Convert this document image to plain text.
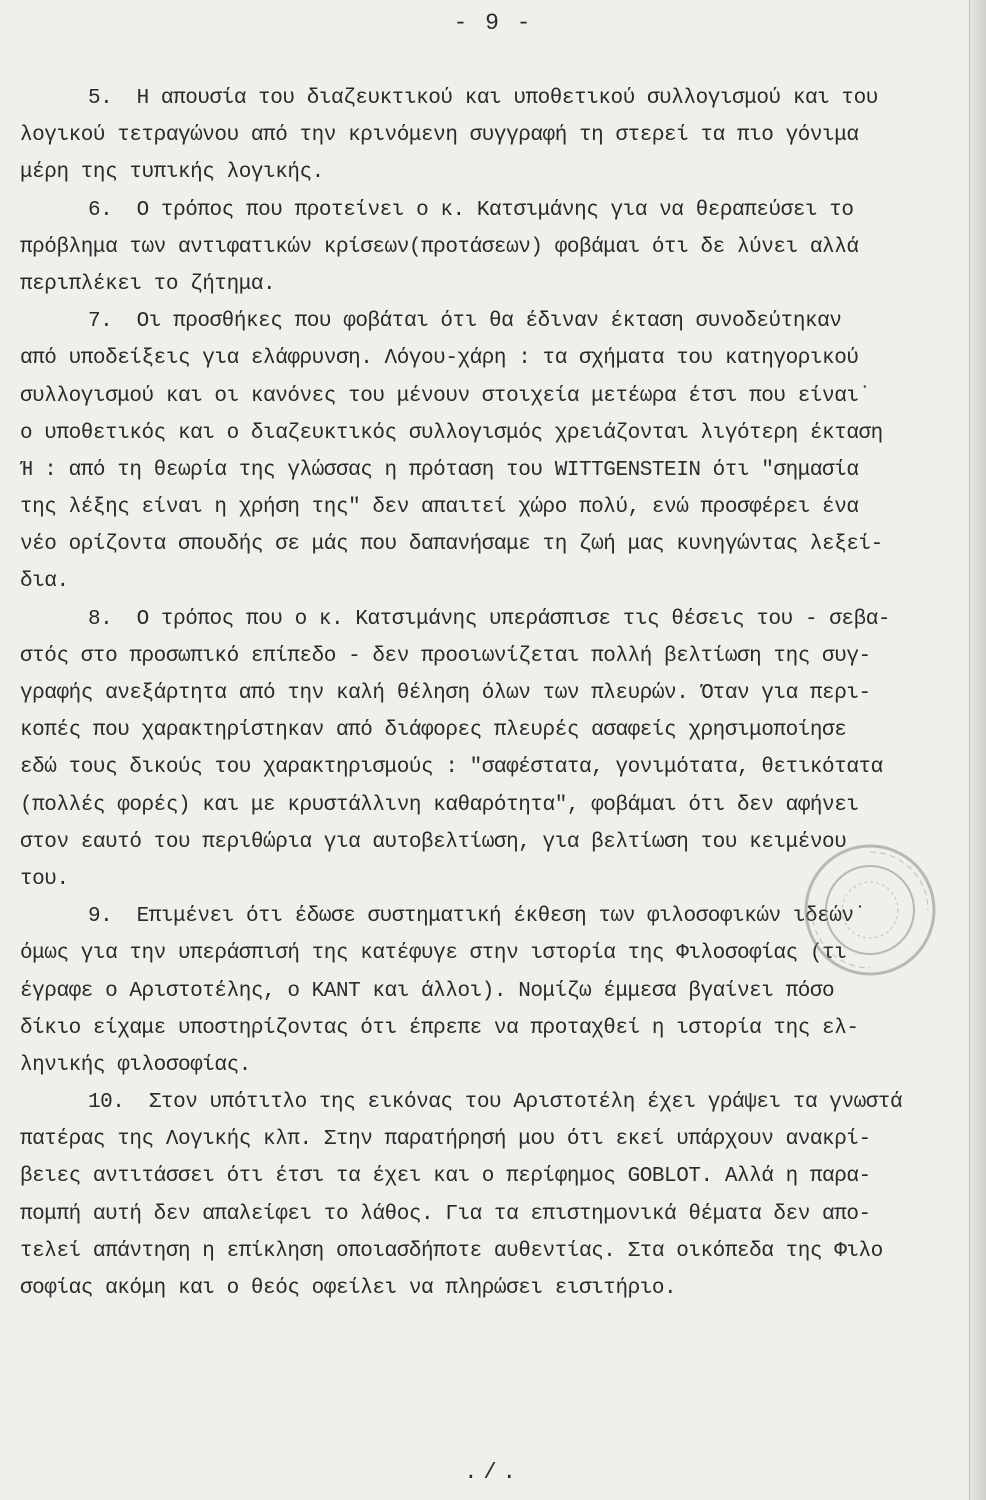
- 9 -
5.  Η απουσία του διαζευκτικού και υποθετικού συλλογισμού και του
λογικού τετραγώνου από την κρινόμενη συγγραφή τη στερεί τα πιο γόνιμα
μέρη της τυπικής λογικής.
6.  Ο τρόπος που προτείνει ο κ. Κατσιμάνης για να θεραπεύσει το
πρόβλημα των αντιφατικών κρίσεων(προτάσεων) φοβάμαι ότι δε λύνει αλλά
περιπλέκει το ζήτημα.
7.  Οι προσθήκες που φοβάται ότι θα έδιναν έκταση συνοδεύτηκαν
από υποδείξεις για ελάφρυνση. Λόγου-χάρη : τα σχήματα του κατηγορικού
συλλογισμού και οι κανόνες του μένουν στοιχεία μετέωρα έτσι που είναι˙
ο υποθετικός και ο διαζευκτικός συλλογισμός χρειάζονται λιγότερη έκταση
Ή : από τη θεωρία της γλώσσας η πρόταση του WITTGENSTEIN ότι "σημασία
της λέξης είναι η χρήση της" δεν απαιτεί χώρο πολύ, ενώ προσφέρει ένα
νέο ορίζοντα σπουδής σε μάς που δαπανήσαμε τη ζωή μας κυνηγώντας λεξεί-
δια.
8.  Ο τρόπος που ο κ. Κατσιμάνης υπεράσπισε τις θέσεις του - σεβα-
στός στο προσωπικό επίπεδο - δεν προοιωνίζεται πολλή βελτίωση της συγ-
γραφής ανεξάρτητα από την καλή θέληση όλων των πλευρών. Όταν για περι-
κοπές που χαρακτηρίστηκαν από διάφορες πλευρές ασαφείς χρησιμοποίησε
εδώ τους δικούς του χαρακτηρισμούς : "σαφέστατα, γονιμότατα, θετικότατα
(πολλές φορές) και με κρυστάλλινη καθαρότητα", φοβάμαι ότι δεν αφήνει
στον εαυτό του περιθώρια για αυτοβελτίωση, για βελτίωση του κειμένου
του.
9.  Επιμένει ότι έδωσε συστηματική έκθεση των φιλοσοφικών ιδεών˙
όμως για την υπεράσπισή της κατέφυγε στην ιστορία της Φιλοσοφίας (τι
έγραφε ο Αριστοτέλης, ο ΚΑΝΤ και άλλοι). Νομίζω έμμεσα βγαίνει πόσο
δίκιο είχαμε υποστηρίζοντας ότι έπρεπε να προταχθεί η ιστορία της ελ-
ληνικής φιλοσοφίας.
10.  Στον υπότιτλο της εικόνας του Αριστοτέλη έχει γράψει τα γνωστά
πατέρας της Λογικής κλπ. Στην παρατήρησή μου ότι εκεί υπάρχουν ανακρί-
βειες αντιτάσσει ότι έτσι τα έχει και ο περίφημος GOBLOT. Αλλά η παρα-
πομπή αυτή δεν απαλείφει το λάθος. Για τα επιστημονικά θέματα δεν απο-
τελεί απάντηση η επίκληση οποιασδήποτε αυθεντίας. Στα οικόπεδα της Φιλο
σοφίας ακόμη και ο θεός οφείλει να πληρώσει εισιτήριο.
./.
